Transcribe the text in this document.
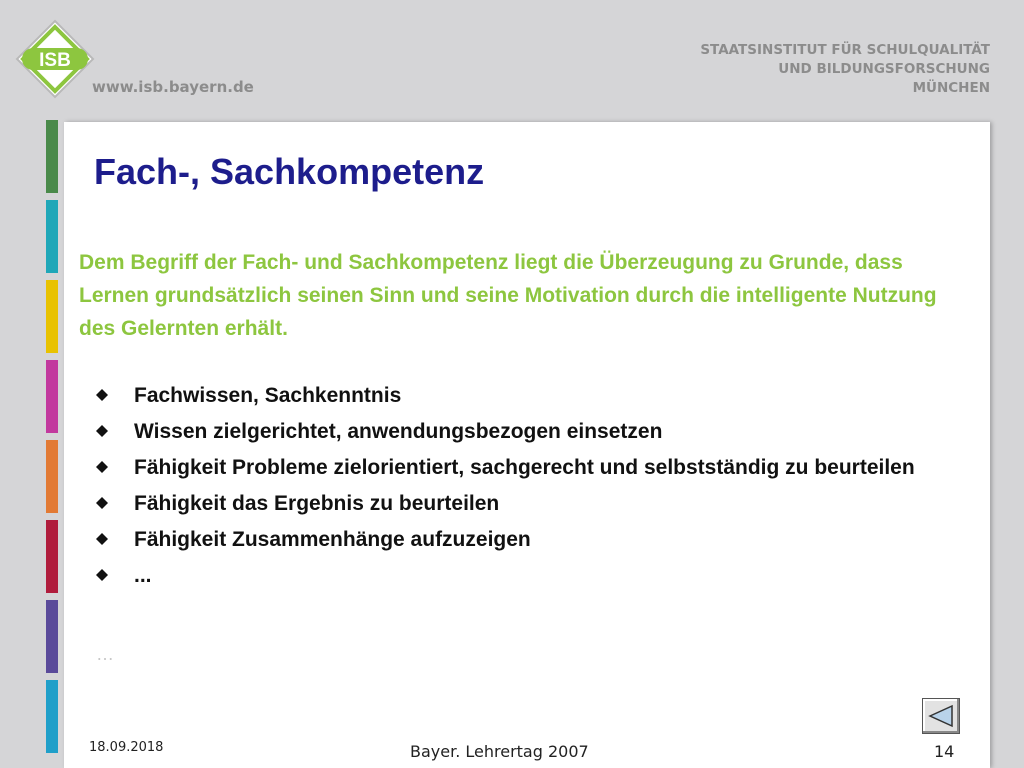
ISB

www.isb.bayern.de

STAATSINSTITUT FÜR SCHULQUALITÄT
UND BILDUNGSFORSCHUNG
MÜNCHEN
Fach-, Sachkompetenz

Dem Begriff der Fach- und Sachkompetenz liegt die Überzeugung zu Grunde, dass Lernen grundsätzlich seinen Sinn und seine Motivation durch die intelligente Nutzung des Gelernten erhält.

Fachwissen, Sachkenntnis
Wissen zielgerichtet, anwendungsbezogen einsetzen
Fähigkeit Probleme zielorientiert, sachgerecht und selbstständig zu beurteilen
Fähigkeit das Ergebnis zu beurteilen
Fähigkeit Zusammenhänge aufzuzeigen
...

…

18.09.2018	Bayer. Lehrertag 2007	14
